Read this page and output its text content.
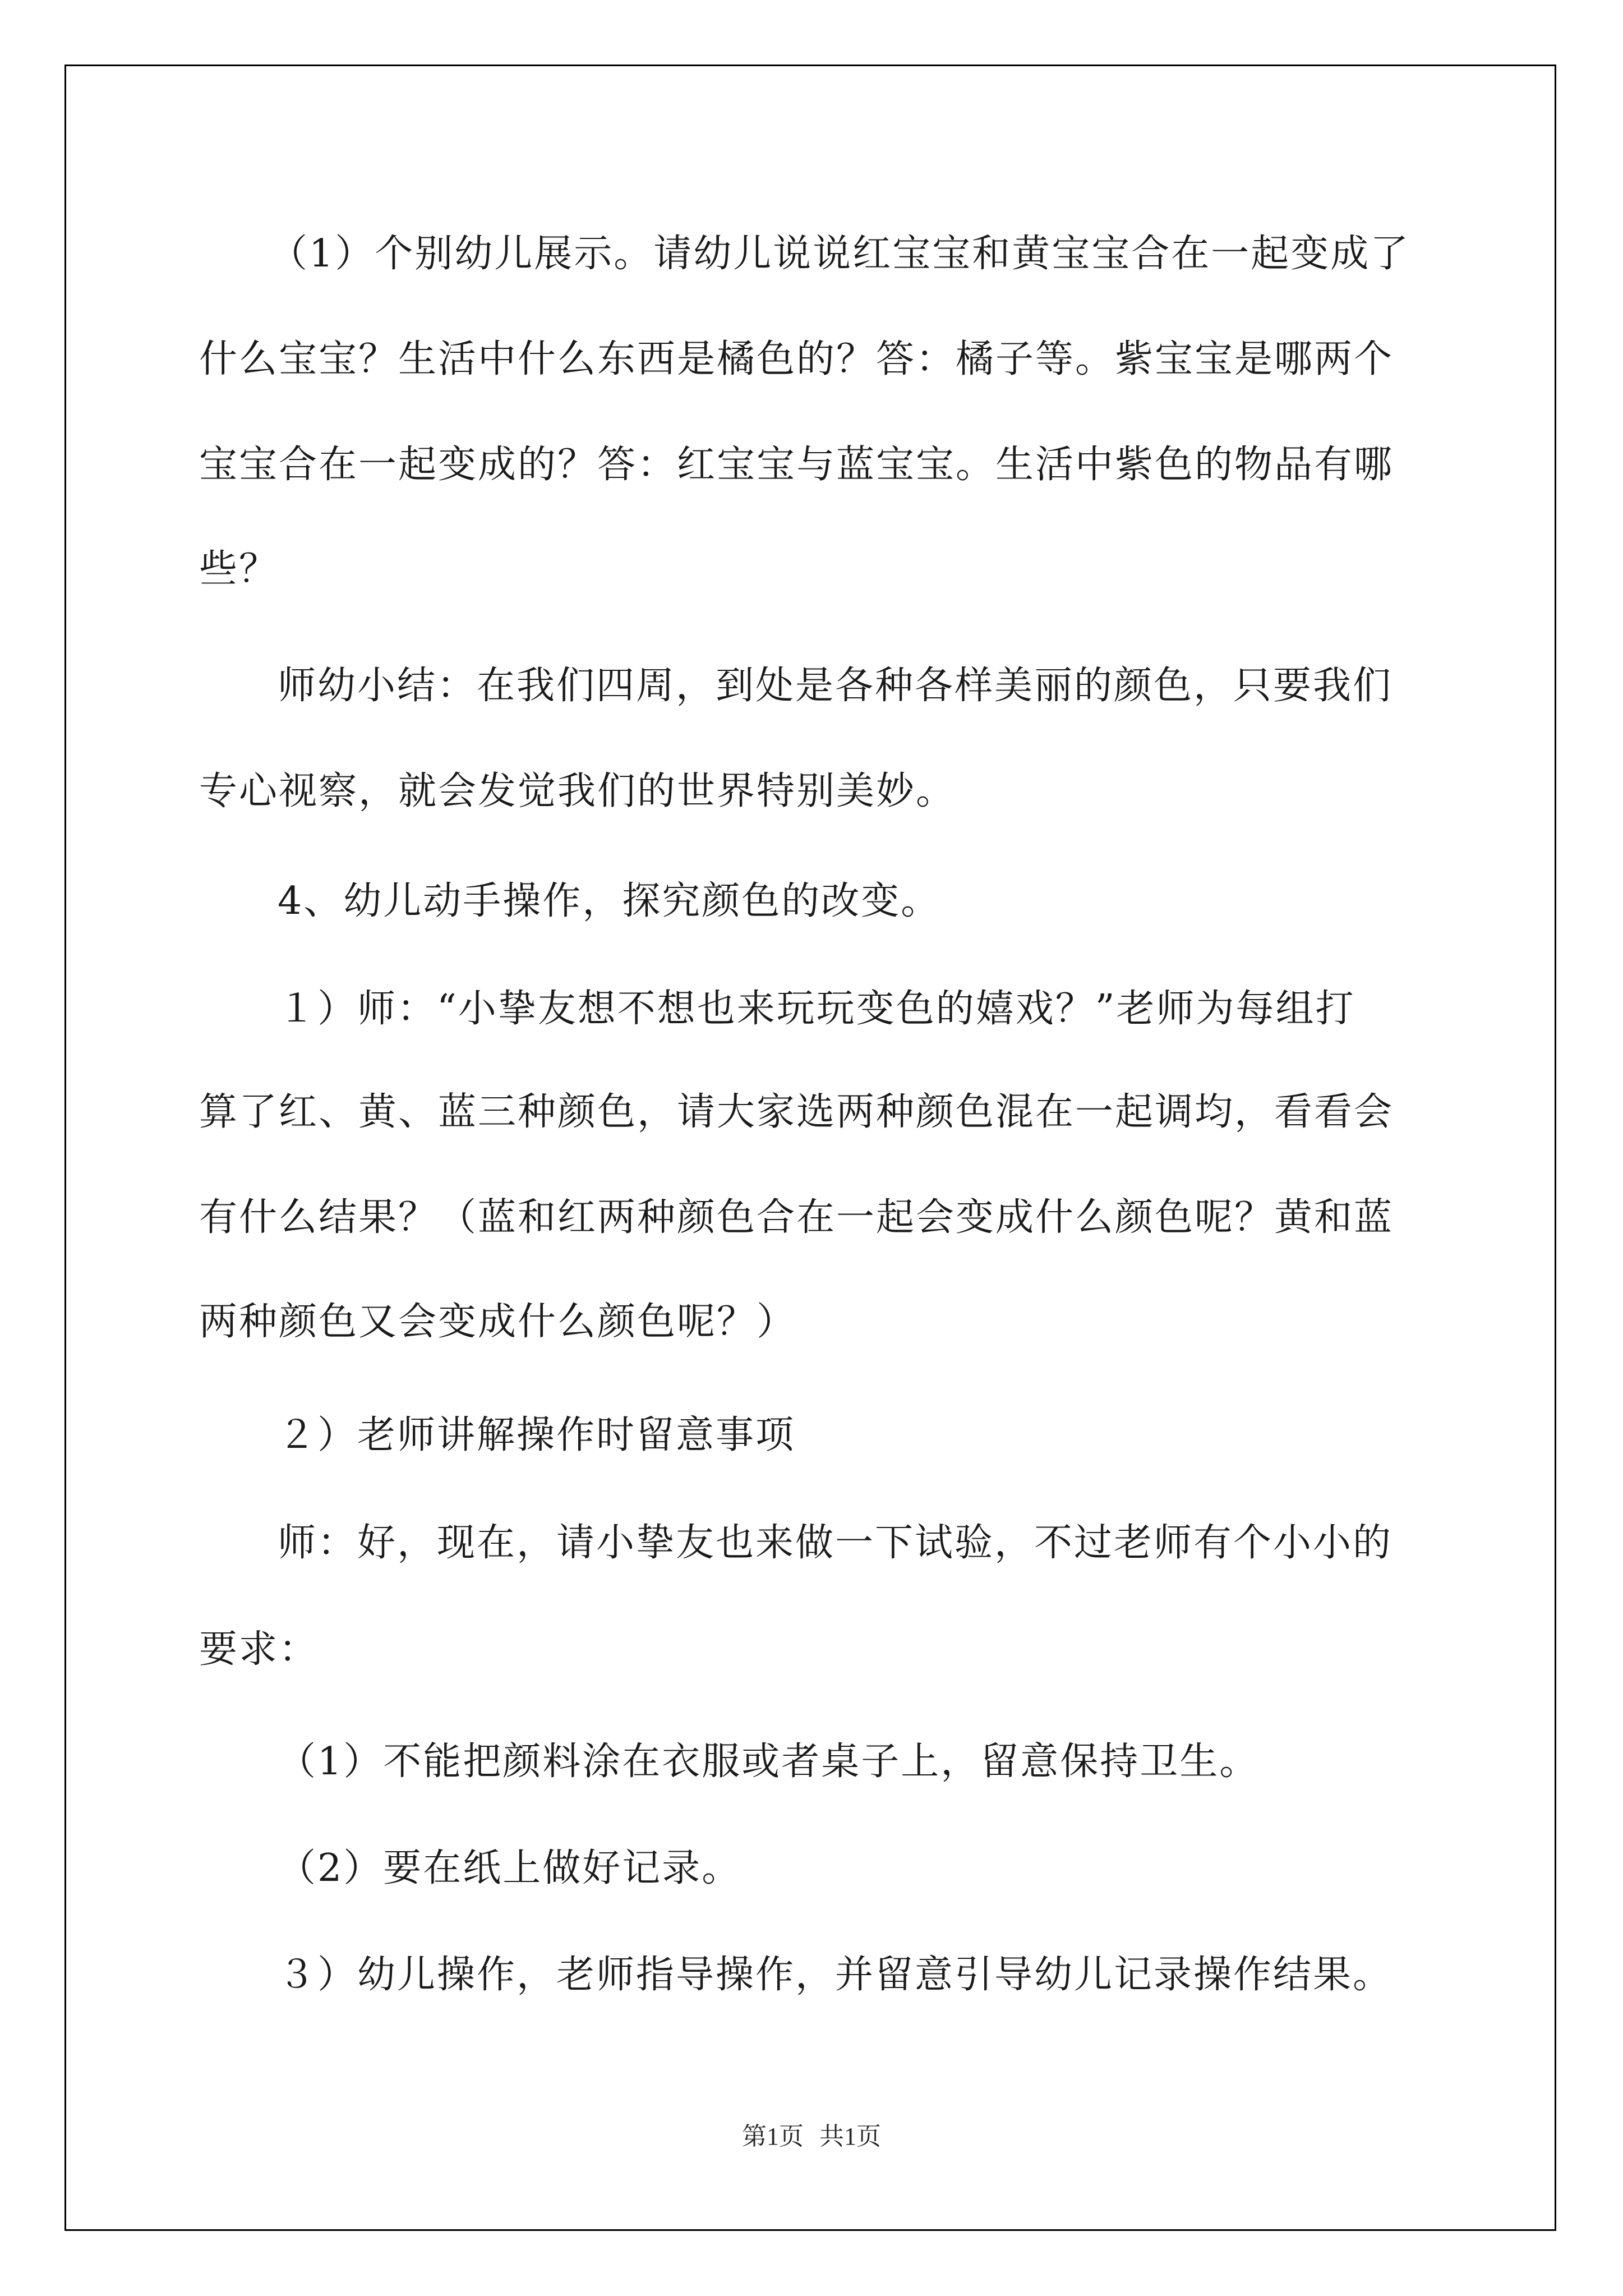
（1）个别幼儿展示。请幼儿说说红宝宝和黄宝宝合在一起变成了
什么宝宝？生活中什么东西是橘色的？答：橘子等。紫宝宝是哪两个
宝宝合在一起变成的？答：红宝宝与蓝宝宝。生活中紫色的物品有哪
些？
师幼小结：在我们四周，到处是各种各样美丽的颜色，只要我们
专心视察，就会发觉我们的世界特别美妙。
4、幼儿动手操作，探究颜色的改变。
１）师：“小挚友想不想也来玩玩变色的嬉戏？”老师为每组打
算了红、黄、蓝三种颜色，请大家选两种颜色混在一起调均，看看会
有什么结果？（蓝和红两种颜色合在一起会变成什么颜色呢？黄和蓝
两种颜色又会变成什么颜色呢？）
２）老师讲解操作时留意事项
师：好，现在，请小挚友也来做一下试验，不过老师有个小小的
要求：
（1）不能把颜料涂在衣服或者桌子上，留意保持卫生。
（2）要在纸上做好记录。
３）幼儿操作，老师指导操作，并留意引导幼儿记录操作结果。
第1页 共1页
